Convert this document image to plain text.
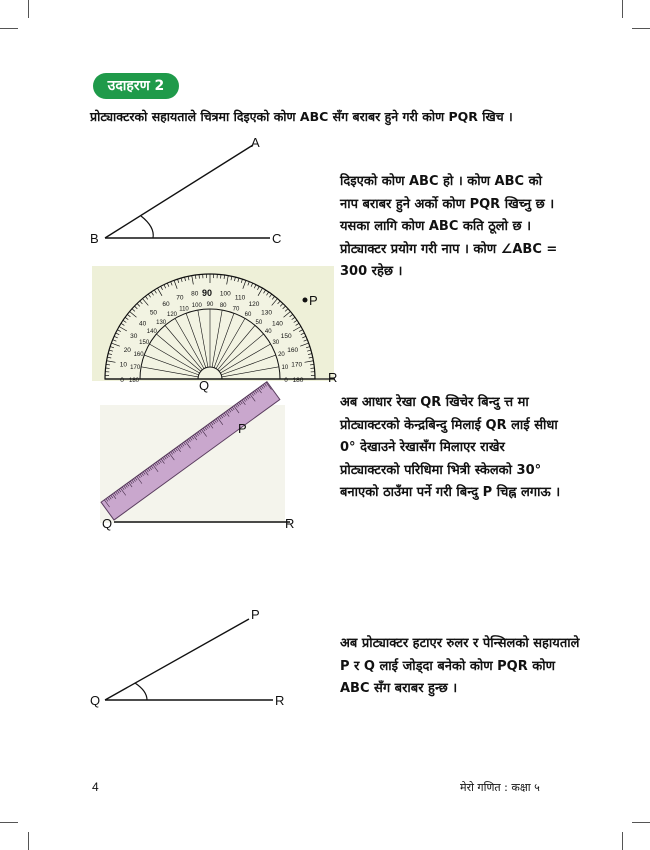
उदाहरण 2
प्रोट्याक्टरको सहायताले चित्रमा दिइएको कोण ABC सँग बराबर हुने गरी कोण PQR खिच ।
A
B	C
180
0
170
10
160
20
150
30
140
40
130
50
120
60
110
70
100
80
90
80
100
70
110
60
120
50
130
40
140
30
150
20
160
10 170
0 180
P
Q
R
90
P
Q	R
P
Q	R
दिइएको कोण ABC हो । कोण ABC को नाप बराबर हुने अर्को कोण PQR खिच्नु छ । यसका लागि कोण ABC कति ठूलो छ । प्रोट्याक्टर प्रयोग गरी नाप । कोण ∠ABC = 300 रहेछ ।
अब आधार रेखा QR खिचेर बिन्दु त्त मा प्रोट्याक्टरको केन्द्रबिन्दु मिलाई QR लाई सीधा 0° देखाउने रेखासँग मिलाएर राखेर प्रोट्याक्टरको परिधिमा भित्री स्केलको 30° बनाएको ठाउँमा पर्ने गरी बिन्दु P चिह्न लगाऊ ।
अब प्रोट्याक्टर हटाएर रुलर र पेन्सिलको सहायताले P र Q लाई जोड्दा बनेको कोण PQR कोण ABC सँग बराबर हुन्छ ।
4	मेरो गणित : कक्षा ५
